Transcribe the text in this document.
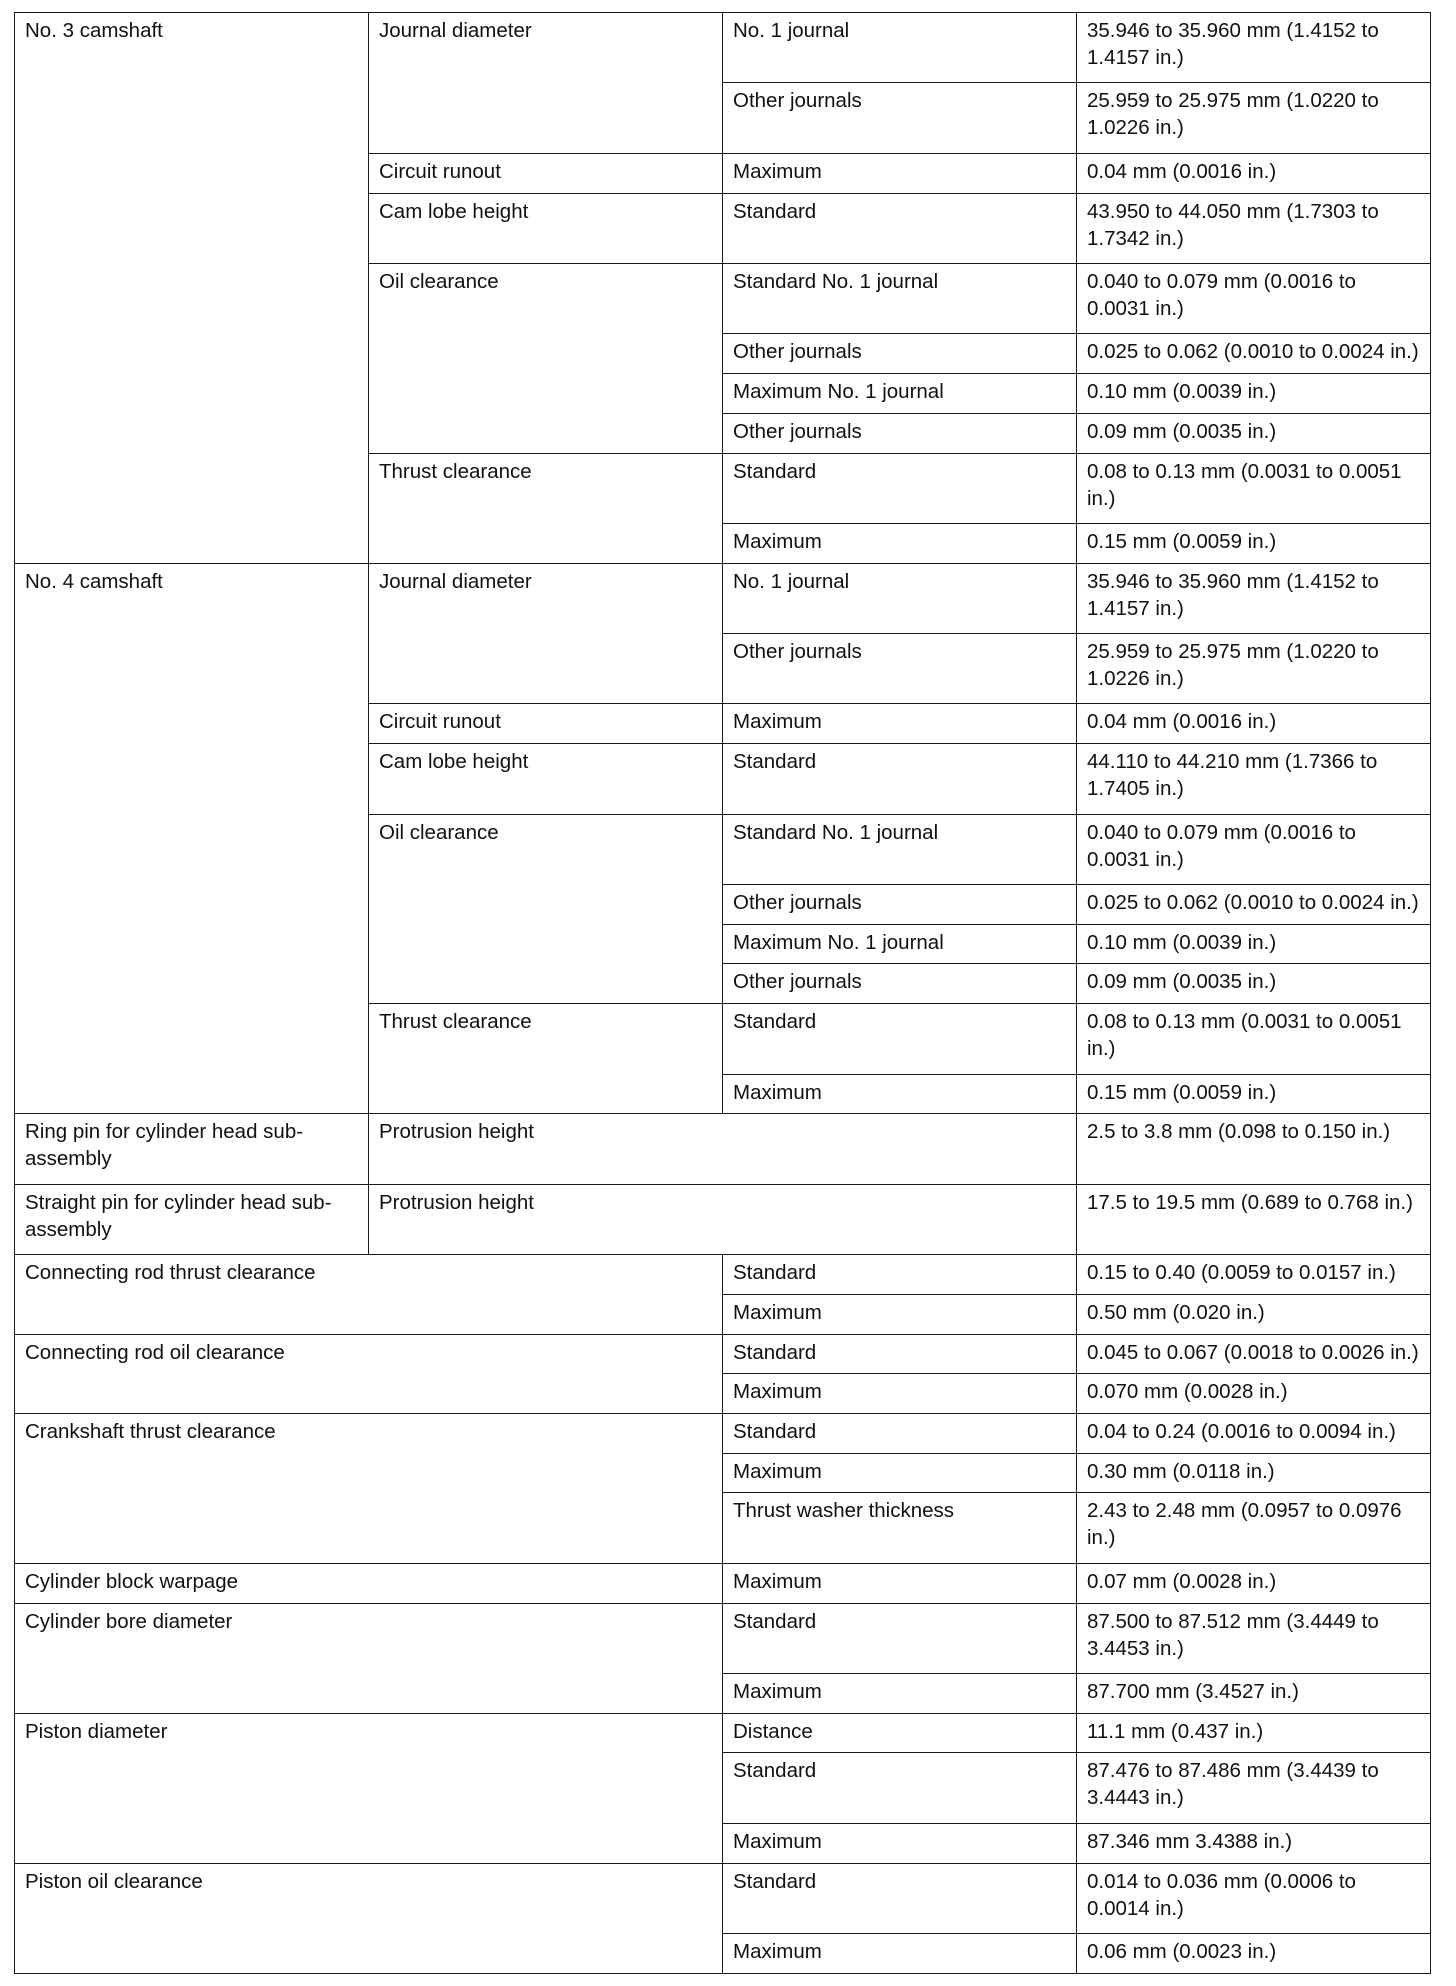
No. 3 camshaft	Journal diameter	No. 1 journal	35.946 to 35.960 mm (1.4152 to 1.4157 in.)
		Other journals	25.959 to 25.975 mm (1.0220 to 1.0226 in.)
	Circuit runout	Maximum	0.04 mm (0.0016 in.)
	Cam lobe height	Standard	43.950 to 44.050 mm (1.7303 to 1.7342 in.)
	Oil clearance	Standard No. 1 journal	0.040 to 0.079 mm (0.0016 to 0.0031 in.)
		Other journals	0.025 to 0.062 (0.0010 to 0.0024 in.)
		Maximum No. 1 journal	0.10 mm (0.0039 in.)
		Other journals	0.09 mm (0.0035 in.)
	Thrust clearance	Standard	0.08 to 0.13 mm (0.0031 to 0.0051 in.)
		Maximum	0.15 mm (0.0059 in.)
No. 4 camshaft	Journal diameter	No. 1 journal	35.946 to 35.960 mm (1.4152 to 1.4157 in.)
		Other journals	25.959 to 25.975 mm (1.0220 to 1.0226 in.)
	Circuit runout	Maximum	0.04 mm (0.0016 in.)
	Cam lobe height	Standard	44.110 to 44.210 mm (1.7366 to 1.7405 in.)
	Oil clearance	Standard No. 1 journal	0.040 to 0.079 mm (0.0016 to 0.0031 in.)
		Other journals	0.025 to 0.062 (0.0010 to 0.0024 in.)
		Maximum No. 1 journal	0.10 mm (0.0039 in.)
		Other journals	0.09 mm (0.0035 in.)
	Thrust clearance	Standard	0.08 to 0.13 mm (0.0031 to 0.0051 in.)
		Maximum	0.15 mm (0.0059 in.)
Ring pin for cylinder head sub-assembly	Protrusion height		2.5 to 3.8 mm (0.098 to 0.150 in.)
Straight pin for cylinder head sub-assembly	Protrusion height		17.5 to 19.5 mm (0.689 to 0.768 in.)
Connecting rod thrust clearance		Standard	0.15 to 0.40 (0.0059 to 0.0157 in.)
		Maximum	0.50 mm (0.020 in.)
Connecting rod oil clearance		Standard	0.045 to 0.067 (0.0018 to 0.0026 in.)
		Maximum	0.070 mm (0.0028 in.)
Crankshaft thrust clearance		Standard	0.04 to 0.24 (0.0016 to 0.0094 in.)
		Maximum	0.30 mm (0.0118 in.)
		Thrust washer thickness	2.43 to 2.48 mm (0.0957 to 0.0976 in.)
Cylinder block warpage		Maximum	0.07 mm (0.0028 in.)
Cylinder bore diameter		Standard	87.500 to 87.512 mm (3.4449 to 3.4453 in.)
		Maximum	87.700 mm (3.4527 in.)
Piston diameter		Distance	11.1 mm (0.437 in.)
		Standard	87.476 to 87.486 mm (3.4439 to 3.4443 in.)
		Maximum	87.346 mm 3.4388 in.)
Piston oil clearance		Standard	0.014 to 0.036 mm (0.0006 to 0.0014 in.)
		Maximum	0.06 mm (0.0023 in.)
